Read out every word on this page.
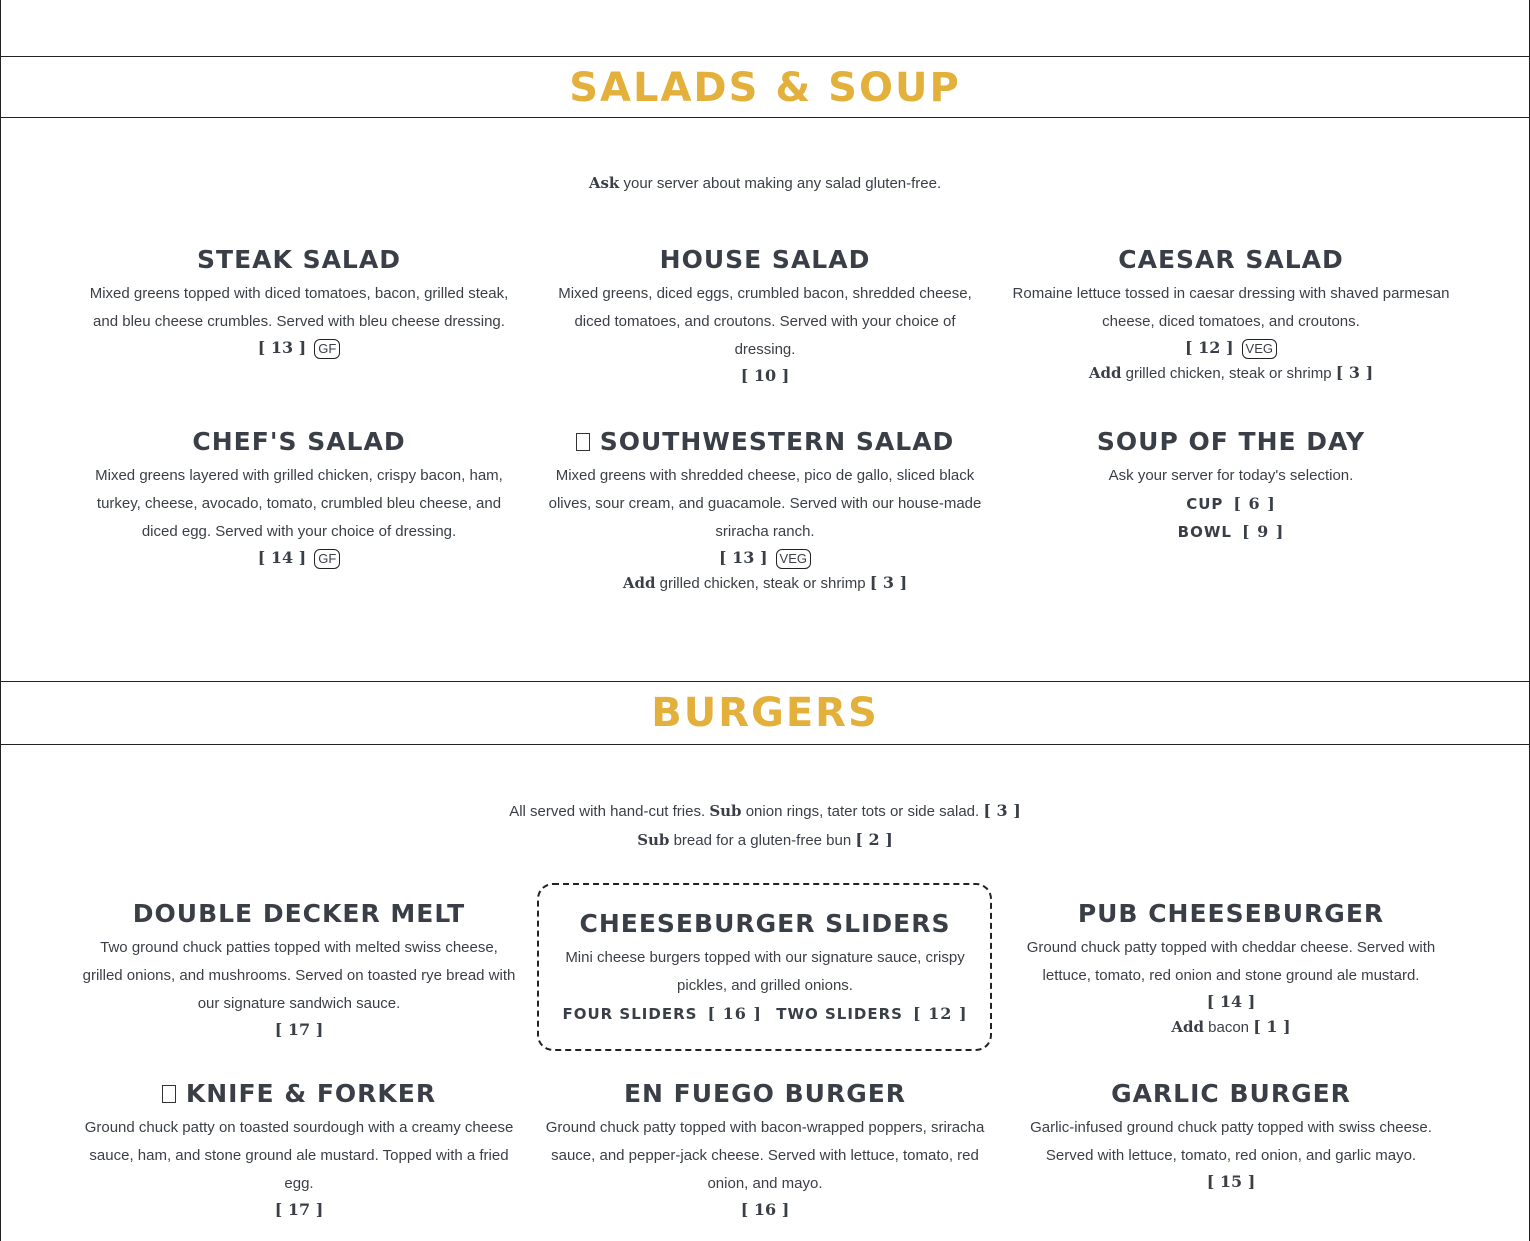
SALADS & SOUP
Ask your server about making any salad gluten-free.
STEAK SALAD

Mixed greens topped with diced tomatoes, bacon, grilled steak, and bleu cheese crumbles. Served with bleu cheese dressing.

[ 13 ] GF
HOUSE SALAD

Mixed greens, diced eggs, crumbled bacon, shredded cheese, diced tomatoes, and croutons. Served with your choice of dressing.

[ 10 ]
CAESAR SALAD

Romaine lettuce tossed in caesar dressing with shaved parmesan cheese, diced tomatoes, and croutons.

[ 12 ] VEG
Add grilled chicken, steak or shrimp [ 3 ]
CHEF'S SALAD

Mixed greens layered with grilled chicken, crispy bacon, ham, turkey, cheese, avocado, tomato, crumbled bleu cheese, and diced egg. Served with your choice of dressing.

[ 14 ] GF
SOUTHWESTERN SALAD

Mixed greens with shredded cheese, pico de gallo, sliced black olives, sour cream, and guacamole. Served with our house-made sriracha ranch.

[ 13 ] VEG
Add grilled chicken, steak or shrimp [ 3 ]
SOUP OF THE DAY

Ask your server for today's selection.

CUP [ 6 ]
BOWL [ 9 ]
BURGERS
All served with hand-cut fries. Sub onion rings, tater tots or side salad. [ 3 ]
Sub bread for a gluten-free bun [ 2 ]
DOUBLE DECKER MELT

Two ground chuck patties topped with melted swiss cheese, grilled onions, and mushrooms. Served on toasted rye bread with our signature sandwich sauce.

[ 17 ]
CHEESEBURGER SLIDERS

Mini cheese burgers topped with our signature sauce, crispy pickles, and grilled onions.

FOUR SLIDERS [ 16 ] TWO SLIDERS [ 12 ]
PUB CHEESEBURGER

Ground chuck patty topped with cheddar cheese. Served with lettuce, tomato, red onion and stone ground ale mustard.

[ 14 ]
Add bacon [ 1 ]
KNIFE & FORKER

Ground chuck patty on toasted sourdough with a creamy cheese sauce, ham, and stone ground ale mustard. Topped with a fried egg.

[ 17 ]
EN FUEGO BURGER

Ground chuck patty topped with bacon-wrapped poppers, sriracha sauce, and pepper-jack cheese. Served with lettuce, tomato, red onion, and mayo.

[ 16 ]
GARLIC BURGER

Garlic-infused ground chuck patty topped with swiss cheese. Served with lettuce, tomato, red onion, and garlic mayo.

[ 15 ]
